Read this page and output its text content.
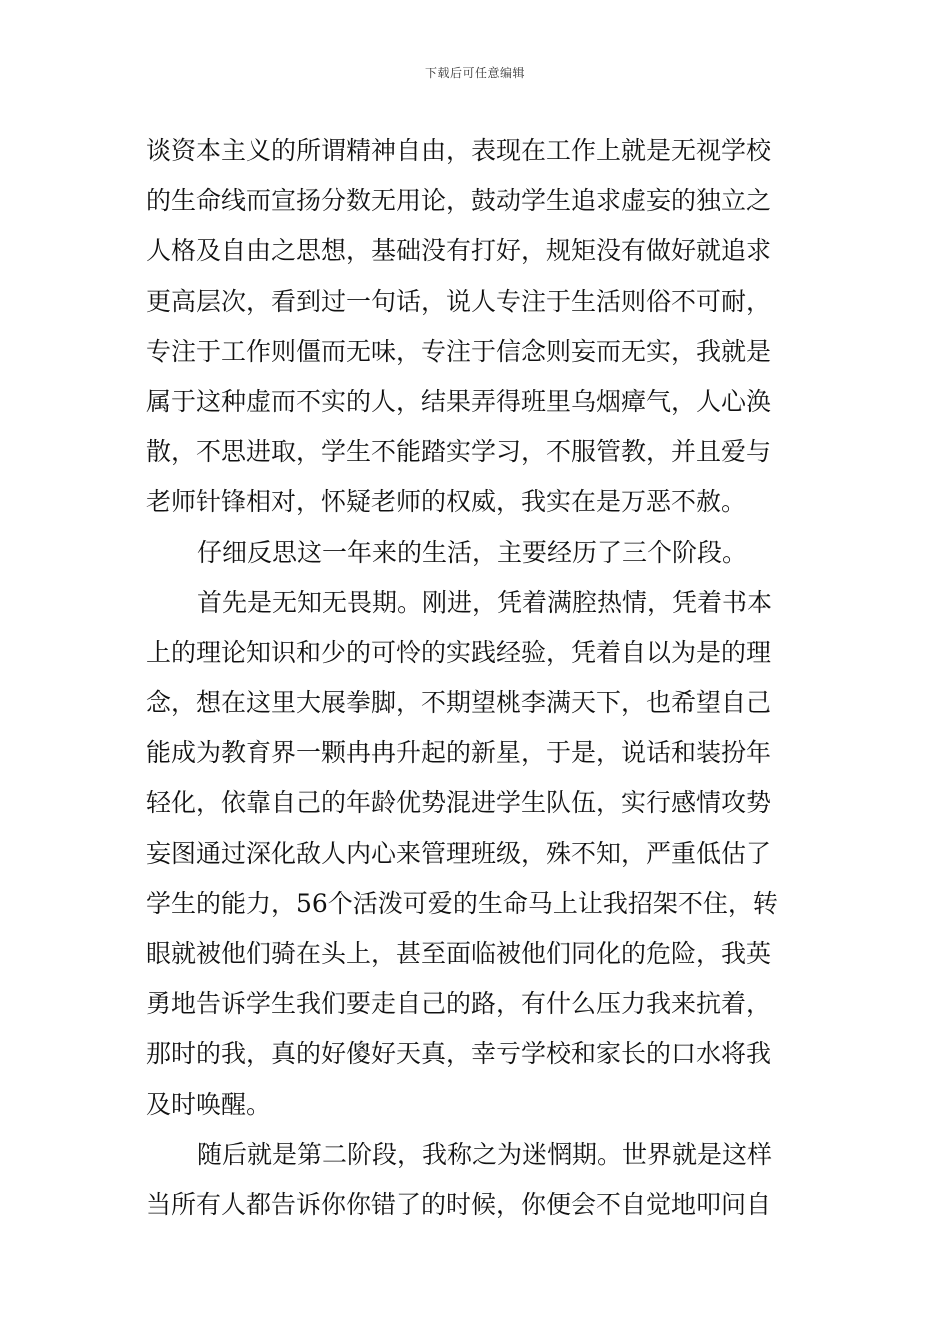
下载后可任意编辑
谈资本主义的所谓精神自由，表现在工作上就是无视学校
的生命线而宣扬分数无用论，鼓动学生追求虚妄的独立之
人格及自由之思想，基础没有打好，规矩没有做好就追求
更高层次，看到过一句话，说人专注于生活则俗不可耐，
专注于工作则僵而无味，专注于信念则妄而无实，我就是
属于这种虚而不实的人，结果弄得班里乌烟瘴气，人心涣
散，不思进取，学生不能踏实学习，不服管教，并且爱与
老师针锋相对，怀疑老师的权威，我实在是万恶不赦。
仔细反思这一年来的生活，主要经历了三个阶段。
首先是无知无畏期。刚进，凭着满腔热情，凭着书本
上的理论知识和少的可怜的实践经验，凭着自以为是的理
念，想在这里大展拳脚，不期望桃李满天下，也希望自己
能成为教育界一颗冉冉升起的新星，于是，说话和装扮年
轻化，依靠自己的年龄优势混进学生队伍，实行感情攻势
妄图通过深化敌人内心来管理班级，殊不知，严重低估了
学生的能力，56个活泼可爱的生命马上让我招架不住，转
眼就被他们骑在头上，甚至面临被他们同化的危险，我英
勇地告诉学生我们要走自己的路，有什么压力我来抗着，
那时的我，真的好傻好天真，幸亏学校和家长的口水将我
及时唤醒。
随后就是第二阶段，我称之为迷惘期。世界就是这样
当所有人都告诉你你错了的时候，你便会不自觉地叩问自
